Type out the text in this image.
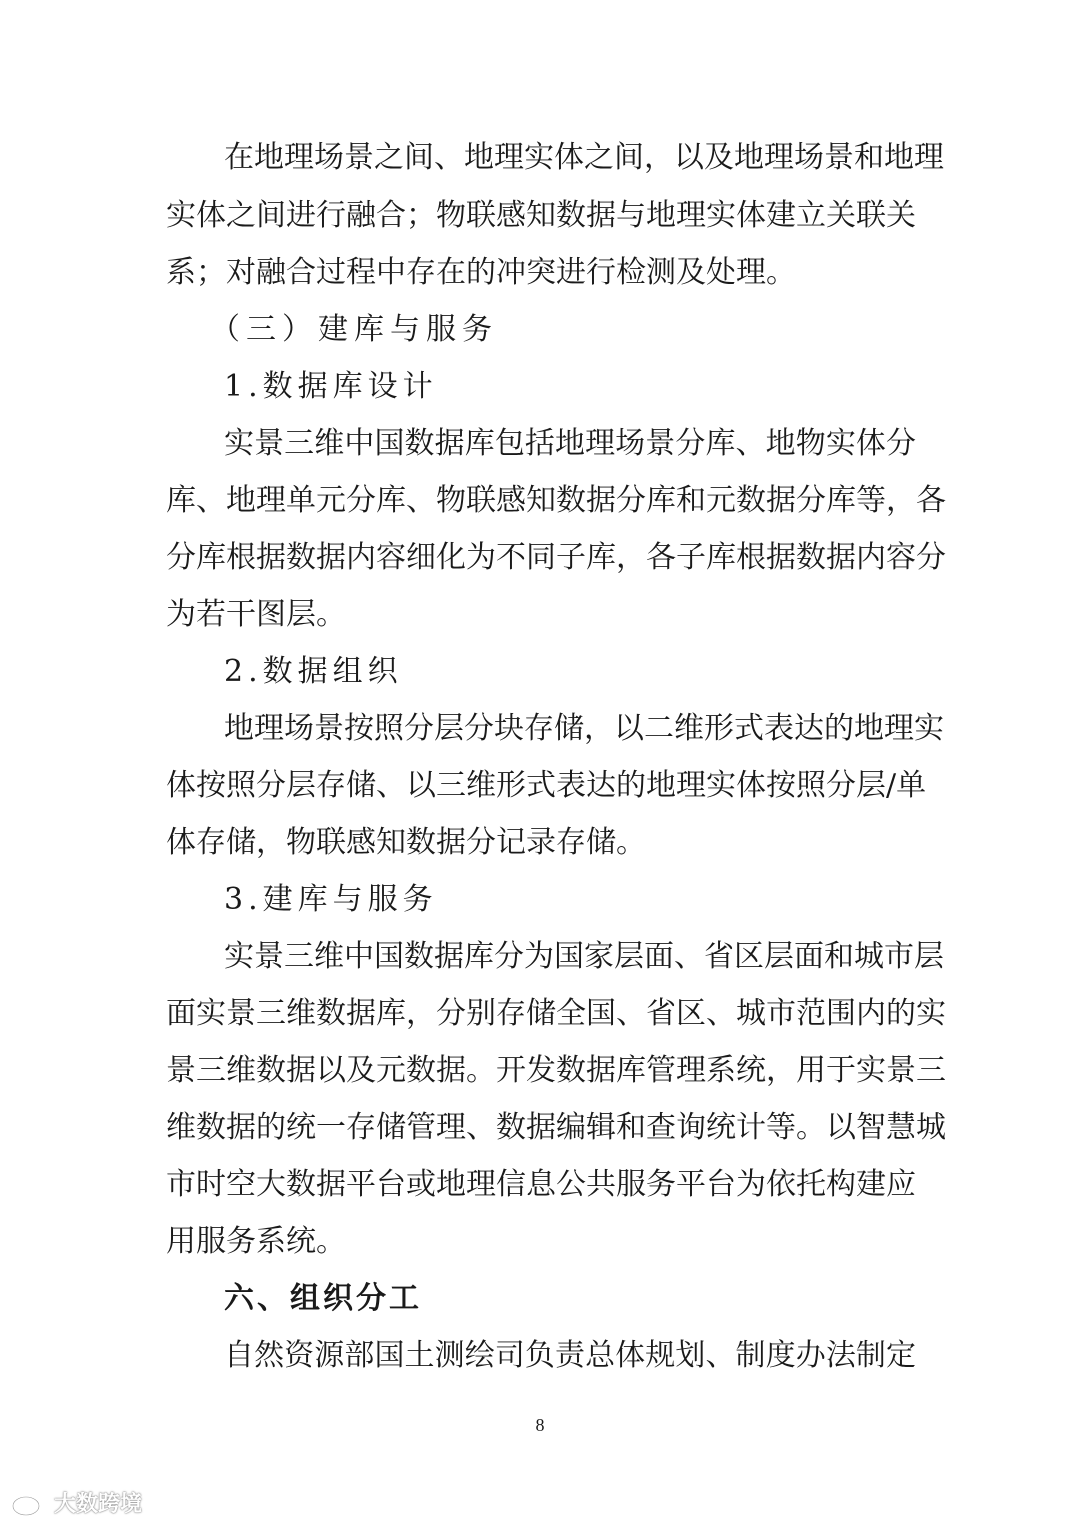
在地理场景之间、地理实体之间，以及地理场景和地理
实体之间进行融合；物联感知数据与地理实体建立关联关
系；对融合过程中存在的冲突进行检测及处理。
（三）建库与服务
1.数据库设计
实景三维中国数据库包括地理场景分库、地物实体分
库、地理单元分库、物联感知数据分库和元数据分库等，各
分库根据数据内容细化为不同子库，各子库根据数据内容分
为若干图层。
2.数据组织
地理场景按照分层分块存储，以二维形式表达的地理实
体按照分层存储、以三维形式表达的地理实体按照分层/单
体存储，物联感知数据分记录存储。
3.建库与服务
实景三维中国数据库分为国家层面、省区层面和城市层
面实景三维数据库，分别存储全国、省区、城市范围内的实
景三维数据以及元数据。开发数据库管理系统，用于实景三
维数据的统一存储管理、数据编辑和查询统计等。以智慧城
市时空大数据平台或地理信息公共服务平台为依托构建应
用服务系统。
六、组织分工
自然资源部国土测绘司负责总体规划、制度办法制定
8
大数跨境
